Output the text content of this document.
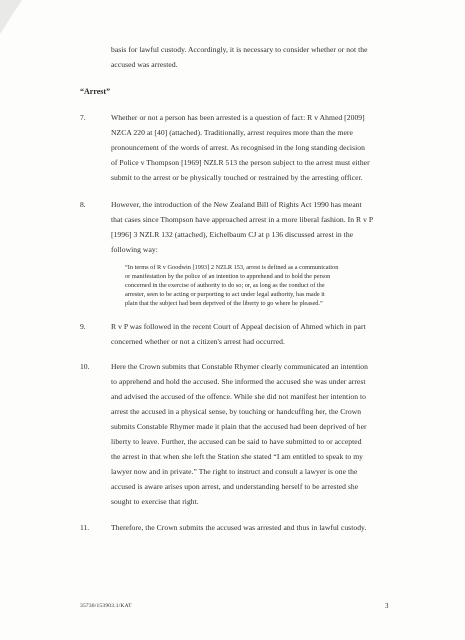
basis for lawful custody. Accordingly, it is necessary to consider whether or not the
accused was arrested.
“Arrest”
7.	Whether or not a person has been arrested is a question of fact: R v Ahmed [2009]
NZCA 220 at [40] (attached). Traditionally, arrest requires more than the mere
pronouncement of the words of arrest. As recognised in the long standing decision
of Police v Thompson [1969] NZLR 513 the person subject to the arrest must either
submit to the arrest or be physically touched or restrained by the arresting officer.
8.	However, the introduction of the New Zealand Bill of Rights Act 1990 has meant
that cases since Thompson have approached arrest in a more liberal fashion. In R v P
[1996] 3 NZLR 132 (attached), Eichelbaum CJ at p 136 discussed arrest in the
following way:
“In terms of R v Goodwin [1993] 2 NZLR 153, arrest is defined as a communication
or manifestation by the police of an intention to apprehend and to hold the person
concerned in the exercise of authority to do so; or, as long as the conduct of the
arrester, seen to be acting or purporting to act under legal authority, has made it
plain that the subject had been deprived of the liberty to go where he pleased.”
9.	R v P was followed in the recent Court of Appeal decision of Ahmed which in part
concerned whether or not a citizen's arrest had occurred.
10.	Here the Crown submits that Constable Rhymer clearly communicated an intention
to apprehend and hold the accused. She informed the accused she was under arrest
and advised the accused of the offence. While she did not manifest her intention to
arrest the accused in a physical sense, by touching or handcuffing her, the Crown
submits Constable Rhymer made it plain that the accused had been deprived of her
liberty to leave. Further, the accused can be said to have submitted to or accepted
the arrest in that when she left the Station she stated “I am entitled to speak to my
lawyer now and in private.” The right to instruct and consult a lawyer is one the
accused is aware arises upon arrest, and understanding herself to be arrested she
sought to exercise that right.
11.	Therefore, the Crown submits the accused was arrested and thus in lawful custody.
35730/153903.1/KAT	3
